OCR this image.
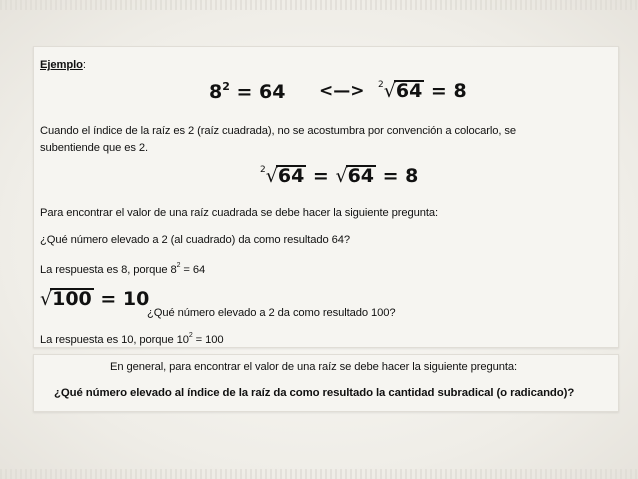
Ejemplo:
$8^2 = 64$ <—> $^2$√64 = 8
Cuando el índice de la raíz es 2 (raíz cuadrada), no se acostumbra por convención a colocarlo, se
subentiende que es 2.
$^2$√64 = √64 = 8
Para encontrar el valor de una raíz cuadrada se debe hacer la siguiente pregunta:
¿Qué número elevado a 2 (al cuadrado) da como resultado 64?
La respuesta es 8, porque $8^2 = 64$
√100 = 10
¿Qué número elevado a 2 da como resultado 100?
La respuesta es 10, porque $10^2 = 100$
En general, para encontrar el valor de una raíz se debe hacer la siguiente pregunta:
¿Qué número elevado al índice de la raíz da como resultado la cantidad subradical (o radicando)?
